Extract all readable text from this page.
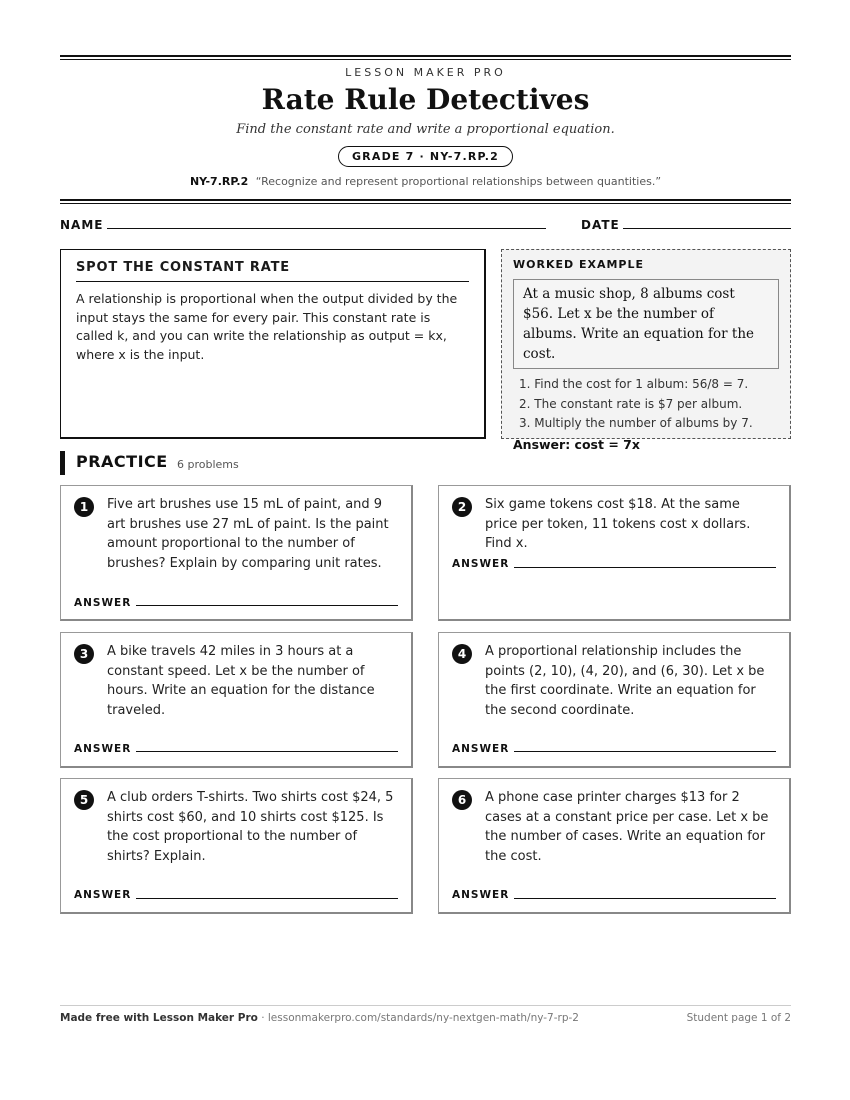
LESSON MAKER PRO
Rate Rule Detectives
Find the constant rate and write a proportional equation.
GRADE 7 · NY-7.RP.2
NY-7.RP.2 “Recognize and represent proportional relationships between quantities.”
NAME	DATE
SPOT THE CONSTANT RATE
A relationship is proportional when the output divided by the input stays the same for every pair. This constant rate is called k, and you can write the relationship as output = kx, where x is the input.
WORKED EXAMPLE
At a music shop, 8 albums cost $56. Let x be the number of albums. Write an equation for the cost.
1. Find the cost for 1 album: 56/8 = 7.
2. The constant rate is $7 per album.
3. Multiply the number of albums by 7.
Answer: cost = 7x
PRACTICE 6 problems
1	Five art brushes use 15 mL of paint, and 9 art brushes use 27 mL of paint. Is the paint amount proportional to the number of brushes? Explain by comparing unit rates.
ANSWER
2	Six game tokens cost $18. At the same price per token, 11 tokens cost x dollars. Find x.
ANSWER
3	A bike travels 42 miles in 3 hours at a constant speed. Let x be the number of hours. Write an equation for the distance traveled.
ANSWER
4	A proportional relationship includes the points (2, 10), (4, 20), and (6, 30). Let x be the first coordinate. Write an equation for the second coordinate.
ANSWER
5	A club orders T-shirts. Two shirts cost $24, 5 shirts cost $60, and 10 shirts cost $125. Is the cost proportional to the number of shirts? Explain.
ANSWER
6	A phone case printer charges $13 for 2 cases at a constant price per case. Let x be the number of cases. Write an equation for the cost.
ANSWER
Made free with Lesson Maker Pro · lessonmakerpro.com/standards/ny-nextgen-math/ny-7-rp-2	Student page 1 of 2
